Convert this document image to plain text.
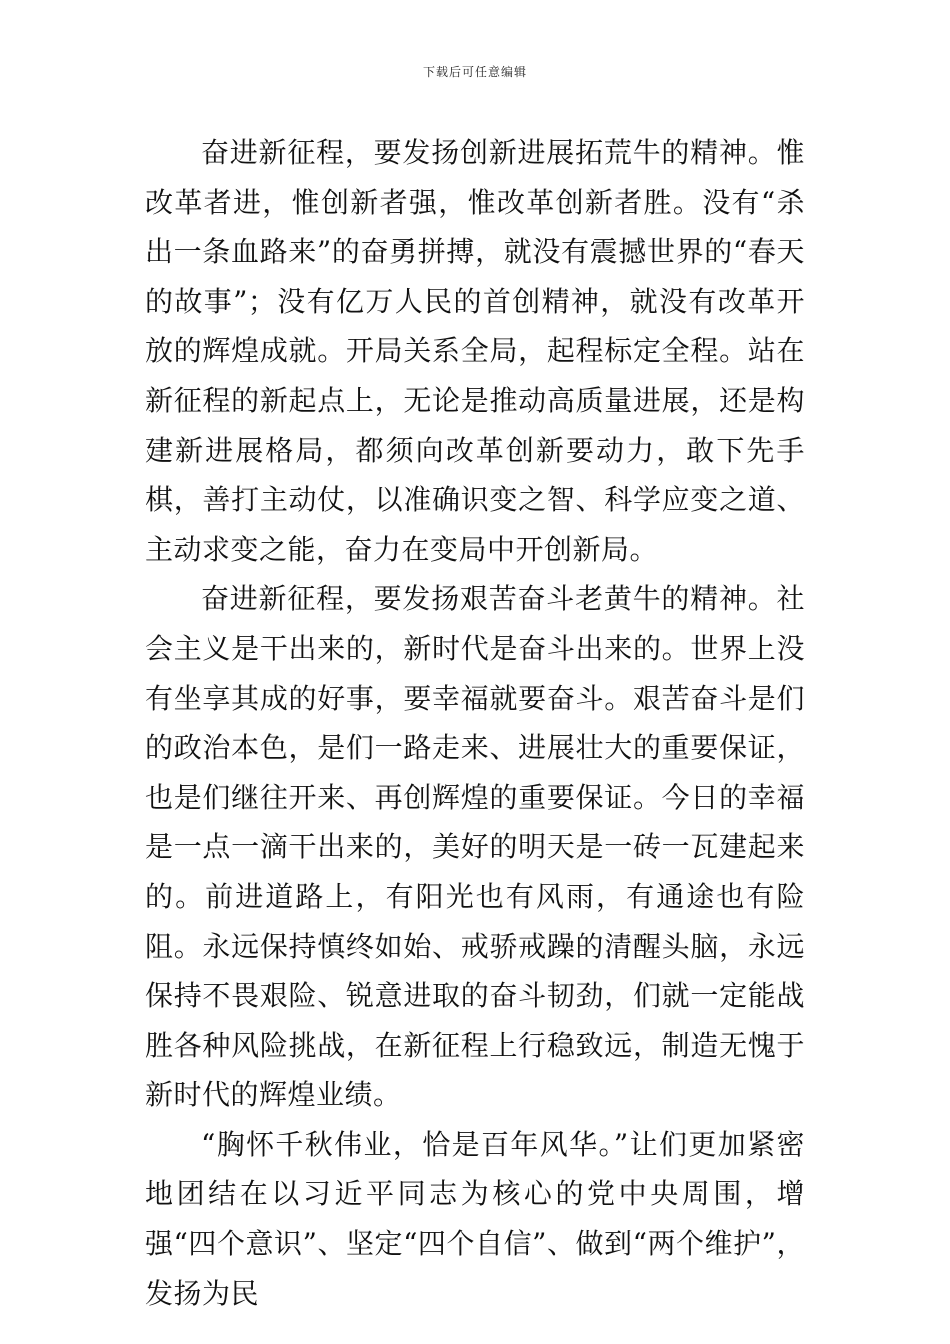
下载后可任意编辑

奋进新征程，要发扬创新进展拓荒牛的精神。惟改革者进，惟创新者强，惟改革创新者胜。没有“杀出一条血路来”的奋勇拼搏，就没有震撼世界的“春天的故事”；没有亿万人民的首创精神，就没有改革开放的辉煌成就。开局关系全局，起程标定全程。站在新征程的新起点上，无论是推动高质量进展，还是构建新进展格局，都须向改革创新要动力，敢下先手棋，善打主动仗，以准确识变之智、科学应变之道、主动求变之能，奋力在变局中开创新局。

奋进新征程，要发扬艰苦奋斗老黄牛的精神。社会主义是干出来的，新时代是奋斗出来的。世界上没有坐享其成的好事，要幸福就要奋斗。艰苦奋斗是们的政治本色，是们一路走来、进展壮大的重要保证，也是们继往开来、再创辉煌的重要保证。今日的幸福是一点一滴干出来的，美好的明天是一砖一瓦建起来的。前进道路上，有阳光也有风雨，有通途也有险阻。永远保持慎终如始、戒骄戒躁的清醒头脑，永远保持不畏艰险、锐意进取的奋斗韧劲，们就一定能战胜各种风险挑战，在新征程上行稳致远，制造无愧于新时代的辉煌业绩。

“胸怀千秋伟业，恰是百年风华。”让们更加紧密地团结在以习近平同志为核心的党中央周围，增强“四个意识”、坚定“四个自信”、做到“两个维护”，发扬为民
